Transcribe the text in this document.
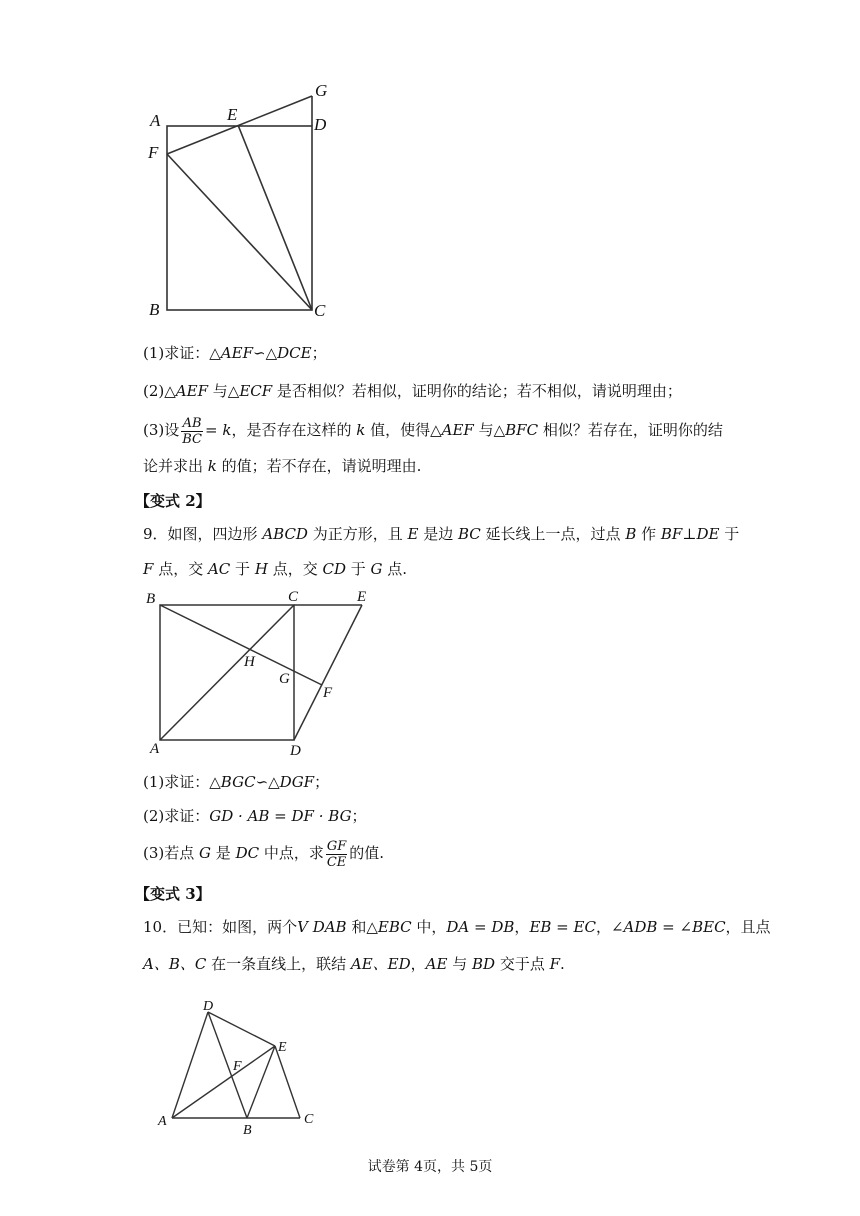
A
F
E
G
D
B	C
(1)求证：△AEF∽△DCE；
(2)△AEF 与△ECF 是否相似？若相似，证明你的结论；若不相似，请说明理由；
(3)设 $\frac{AB}{BC} = k$，是否存在这样的 k 值，使得△AEF 与△BFC 相似？若存在，证明你的结
论并求出 k 的值；若不存在，请说明理由.
【变式 2】
9．如图，四边形 ABCD 为正方形，且 E 是边 BC 延长线上一点，过点 B 作 BF⊥DE 于
F 点，交 AC 于 H 点，交 CD 于 G 点.
B	C	E
H
G
F
A	D
(1)求证：△BGC∽△DGF；
(2)求证：GD · AB = DF · BG；
(3)若点 G 是 DC 中点，求 $\frac{GF}{CE}$ 的值.
【变式 3】
10．已知：如图，两个V DAB 和△EBC 中，DA = DB，EB = EC，∠ADB = ∠BEC，且点
A、B、C 在一条直线上，联结 AE、ED，AE 与 BD 交于点 F.
D
E
F
A
B
C
试卷第 4页，共 5页
